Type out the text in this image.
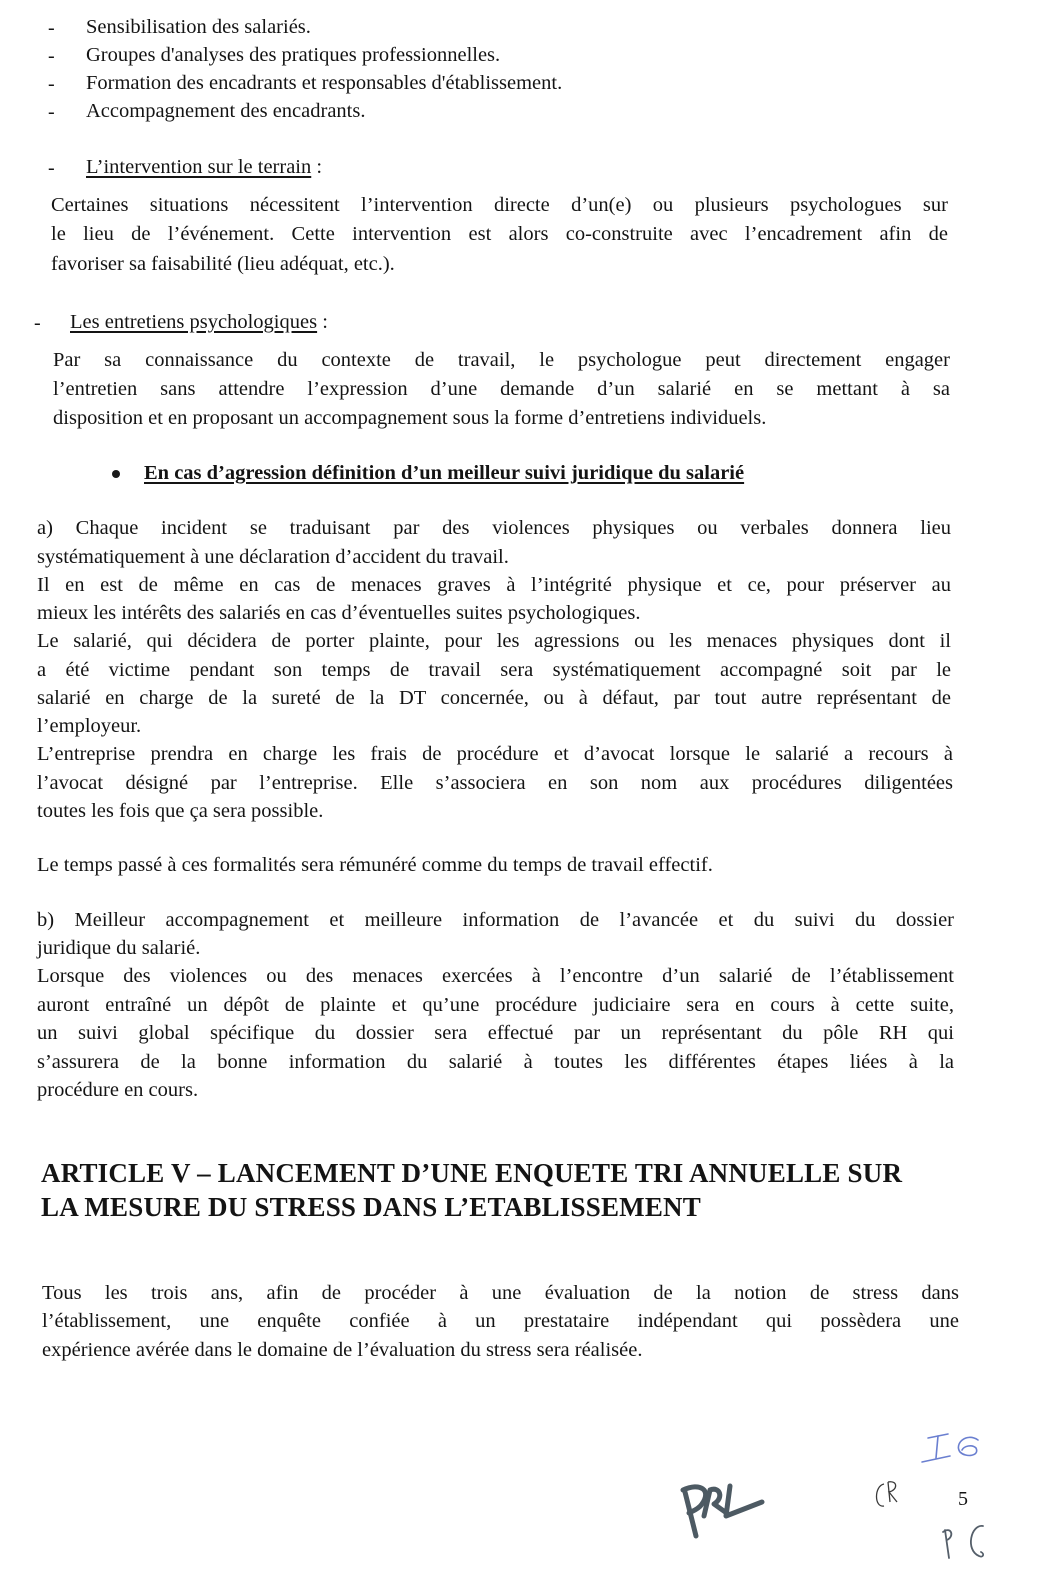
- Sensibilisation des salariés.
- Groupes d'analyses des pratiques professionnelles.
- Formation des encadrants et responsables d'établissement.
- Accompagnement des encadrants.
- L’intervention sur le terrain :
Certaines situations nécessitent l’intervention directe d’un(e) ou plusieurs psychologues sur
le lieu de l’événement. Cette intervention est alors co-construite avec l’encadrement afin de
favoriser sa faisabilité (lieu adéquat, etc.).
- Les entretiens psychologiques :
Par sa connaissance du contexte de travail, le psychologue peut directement engager
l’entretien sans attendre l’expression d’une demande d’un salarié en se mettant à sa
disposition et en proposant un accompagnement sous la forme d’entretiens individuels.
En cas d’agression définition d’un meilleur suivi juridique du salarié
a) Chaque incident se traduisant par des violences physiques ou verbales donnera lieu
systématiquement à une déclaration d’accident du travail.
Il en est de même en cas de menaces graves à l’intégrité physique et ce, pour préserver au
mieux les intérêts des salariés en cas d’éventuelles suites psychologiques.
Le salarié, qui décidera de porter plainte, pour les agressions ou les menaces physiques dont il
a été victime pendant son temps de travail sera systématiquement accompagné soit par le
salarié en charge de la sureté de la DT concernée, ou à défaut, par tout autre représentant de
l’employeur.
L’entreprise prendra en charge les frais de procédure et d’avocat lorsque le salarié a recours à
l’avocat désigné par l’entreprise. Elle s’associera en son nom aux procédures diligentées
toutes les fois que ça sera possible.
Le temps passé à ces formalités sera rémunéré comme du temps de travail effectif.
b) Meilleur accompagnement et meilleure information de l’avancée et du suivi du dossier
juridique du salarié.
Lorsque des violences ou des menaces exercées à l’encontre d’un salarié de l’établissement
auront entraîné un dépôt de plainte et qu’une procédure judiciaire sera en cours à cette suite,
un suivi global spécifique du dossier sera effectué par un représentant du pôle RH qui
s’assurera de la bonne information du salarié à toutes les différentes étapes liées à la
procédure en cours.
ARTICLE V – LANCEMENT D’UNE ENQUETE TRI ANNUELLE SUR
LA MESURE DU STRESS DANS L’ETABLISSEMENT
Tous les trois ans, afin de procéder à une évaluation de la notion de stress dans
l’établissement, une enquête confiée à un prestataire indépendant qui possèdera une
expérience avérée dans le domaine de l’évaluation du stress sera réalisée.
5
